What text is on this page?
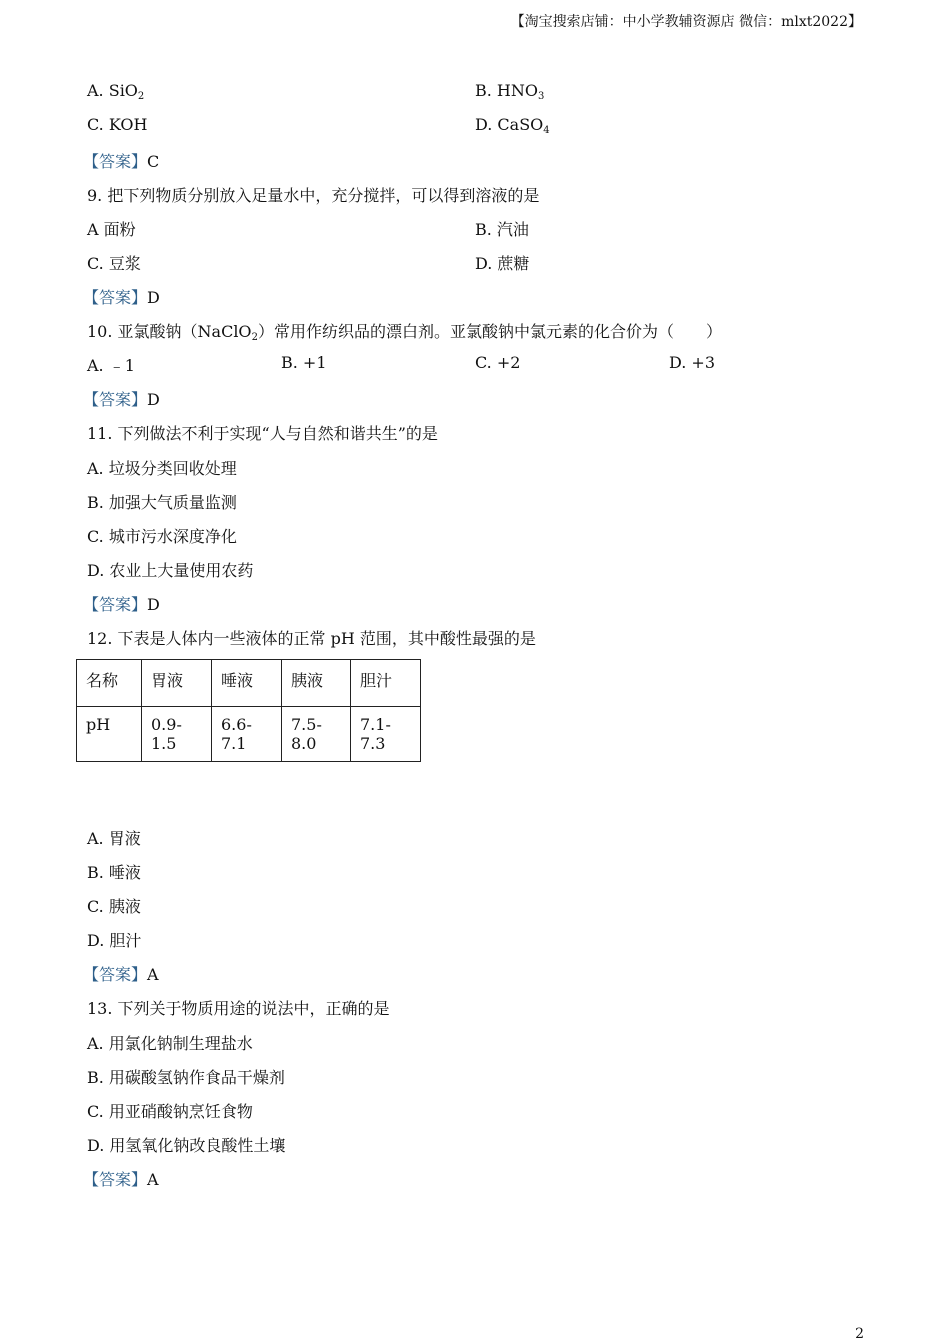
【淘宝搜索店铺：中小学教辅资源店 微信：mlxt2022】
A. SiO$_2$	B. $HNO_3$
C. KOH	D. CaSO$_4$
【答案】C
9. 把下列物质分别放入足量水中，充分搅拌，可以得到溶液的是
A 面粉	B. 汽油
C. 豆浆	D. 蔗糖
【答案】D
10. 亚氯酸钠（NaClO$_2$）常用作纺织品的漂白剂。亚氯酸钠中氯元素的化合价为（　　）
A. ﹣1	B. +1	C. +2	D. +3
【答案】D
11. 下列做法不利于实现“人与自然和谐共生”的是
A. 垃圾分类回收处理
B. 加强大气质量监测
C. 城市污水深度净化
D. 农业上大量使用农药
【答案】D
12. 下表是人体内一些液体的正常 pH 范围，其中酸性最强的是
名称	胃液	唾液	胰液	胆汁
pH	0.9-1.5	6.6-7.1	7.5-8.0	7.1-7.3
A. 胃液
B. 唾液
C. 胰液
D. 胆汁
【答案】A
13. 下列关于物质用途的说法中，正确的是
A. 用氯化钠制生理盐水
B. 用碳酸氢钠作食品干燥剂
C. 用亚硝酸钠烹饪食物
D. 用氢氧化钠改良酸性土壤
【答案】A
2
